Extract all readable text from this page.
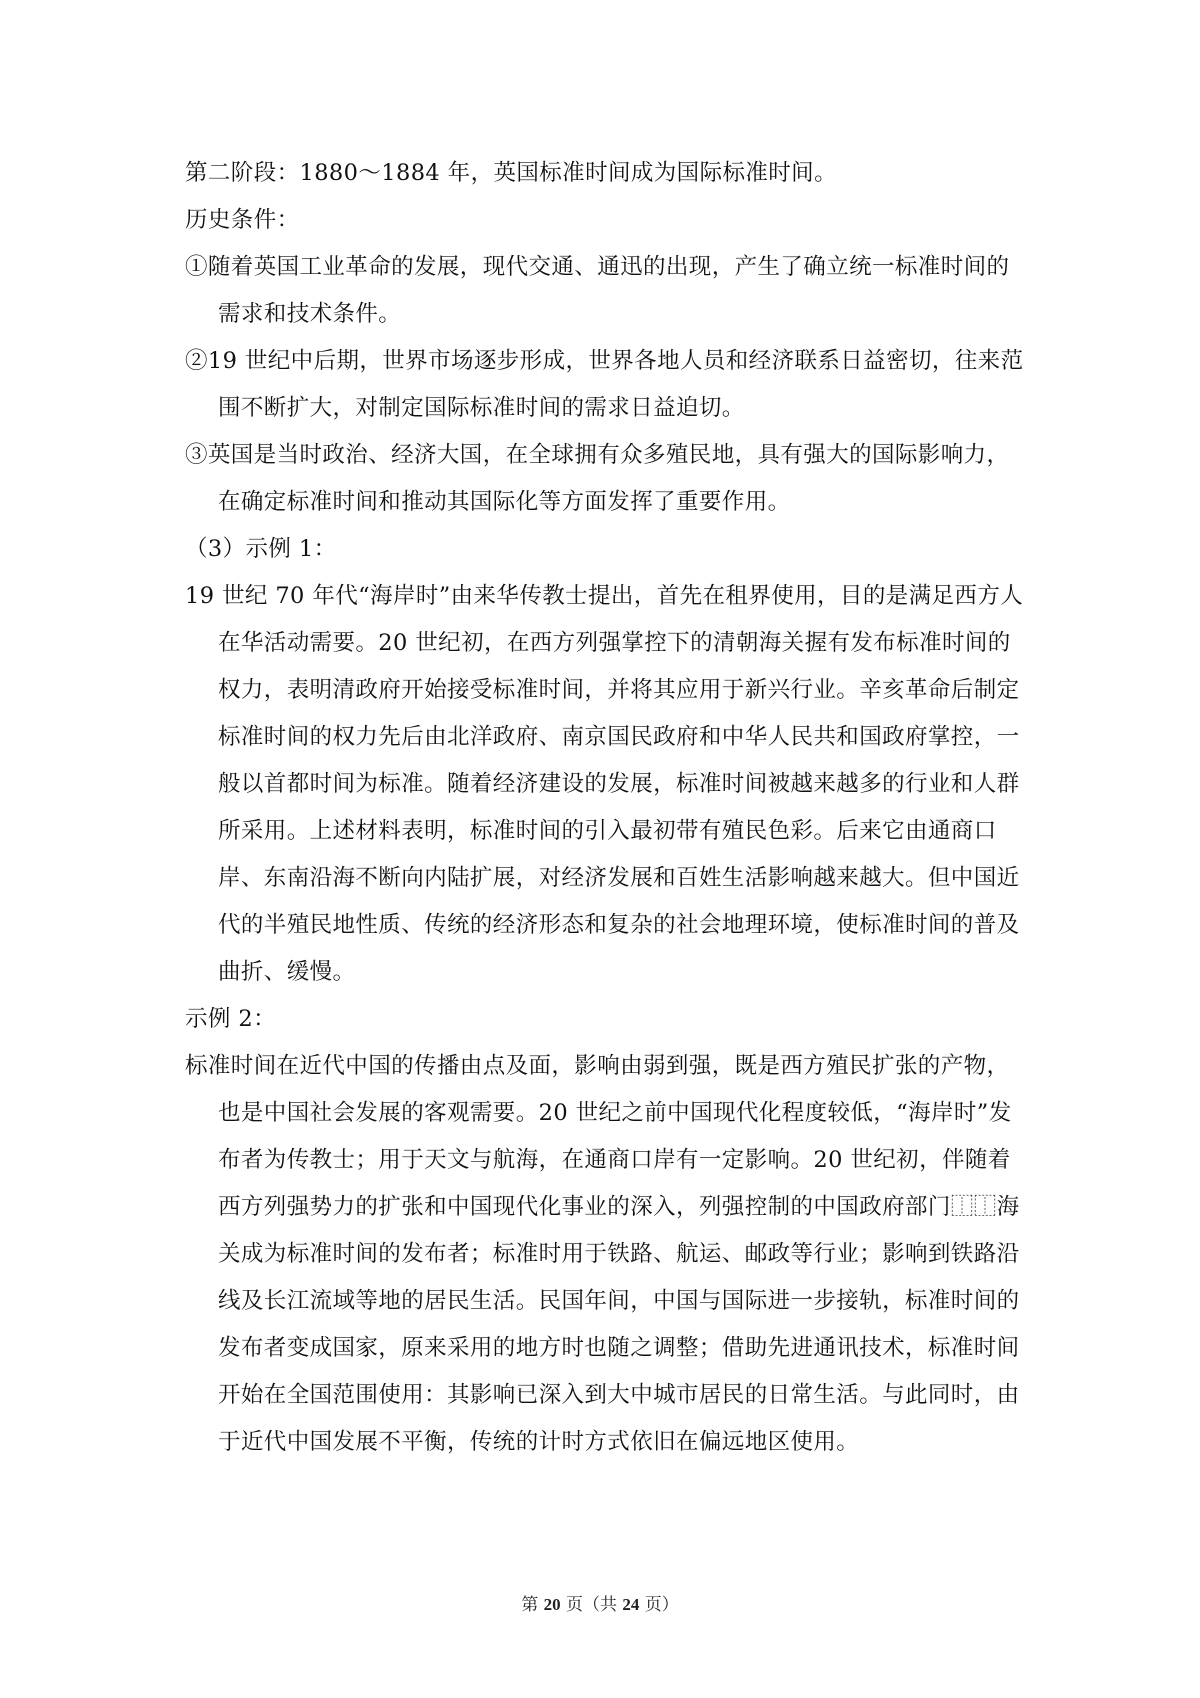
第二阶段：1880～1884 年，英国标准时间成为国际标准时间。

历史条件：

①随着英国工业革命的发展，现代交通、通迅的出现，产生了确立统一标准时间的需求和技术条件。

②19 世纪中后期，世界市场逐步形成，世界各地人员和经济联系日益密切，往来范围不断扩大，对制定国际标准时间的需求日益迫切。

③英国是当时政治、经济大国，在全球拥有众多殖民地，具有强大的国际影响力，在确定标准时间和推动其国际化等方面发挥了重要作用。

（3）示例 1：

19 世纪 70 年代“海岸时”由来华传教士提出，首先在租界使用，目的是满足西方人在华活动需要。20 世纪初，在西方列强掌控下的清朝海关握有发布标准时间的权力，表明清政府开始接受标准时间，并将其应用于新兴行业。辛亥革命后制定标准时间的权力先后由北洋政府、南京国民政府和中华人民共和国政府掌控，一般以首都时间为标准。随着经济建设的发展，标准时间被越来越多的行业和人群所采用。上述材料表明，标准时间的引入最初带有殖民色彩。后来它由通商口岸、东南沿海不断向内陆扩展，对经济发展和百姓生活影响越来越大。但中国近代的半殖民地性质、传统的经济形态和复杂的社会地理环境，使标准时间的普及曲折、缓慢。

示例 2：

标准时间在近代中国的传播由点及面，影响由弱到强，既是西方殖民扩张的产物，也是中国社会发展的客观需要。20 世纪之前中国现代化程度较低，“海岸时”发布者为传教士；用于天文与航海，在通商口岸有一定影响。20 世纪初，伴随着西方列强势力的扩张和中国现代化事业的深入，列强控制的中国政府部门⿰⿰海关成为标准时间的发布者；标准时用于铁路、航运、邮政等行业；影响到铁路沿线及长江流域等地的居民生活。民国年间，中国与国际进一步接轨，标准时间的发布者变成国家，原来采用的地方时也随之调整；借助先进通讯技术，标准时间开始在全国范围使用：其影响已深入到大中城市居民的日常生活。与此同时，由于近代中国发展不平衡，传统的计时方式依旧在偏远地区使用。

第 20 页（共 24 页）
